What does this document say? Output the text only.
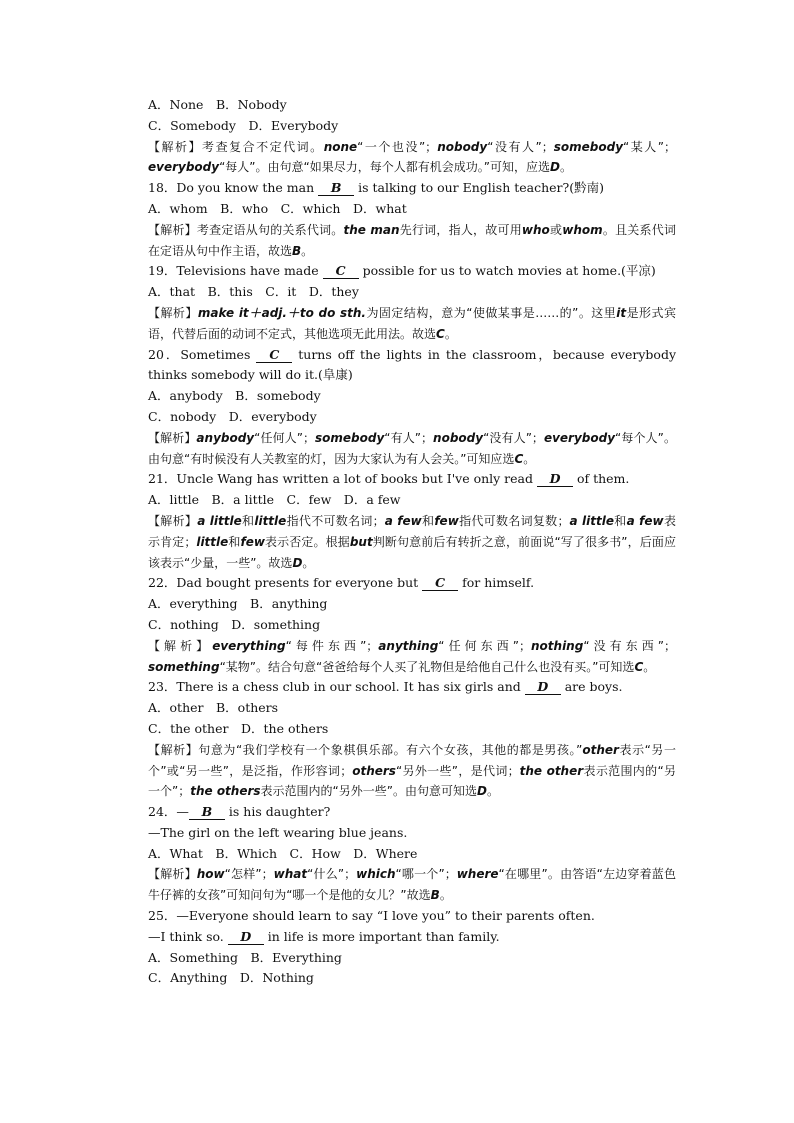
A．None　B．Nobody
C．Somebody　D．Everybody
【解析】考查复合不定代词。none“一个也没”；nobody“没有人”；somebody“某人”；everybody“每人”。由句意“如果尽力，每个人都有机会成功。”可知，应选D。
18．Do you know the man B is talking to our English teacher?(黔南)
A．whom　B．who　C．which　D．what
【解析】考查定语从句的关系代词。the man先行词，指人，故可用who或whom。且关系代词在定语从句中作主语，故选B。
19．Televisions have made C possible for us to watch movies at home.(平凉)
A．that　B．this　C．it　D．they
【解析】make it＋adj.＋to do sth.为固定结构，意为“使做某事是……的”。这里it是形式宾语，代替后面的动词不定式，其他选项无此用法。故选C。
20．Sometimes C turns off the lights in the classroom，because everybody thinks somebody will do it.(阜康)
A．anybody　B．somebody
C．nobody　D．everybody
【解析】anybody“任何人”；somebody“有人”；nobody“没有人”；everybody“每个人”。由句意“有时候没有人关教室的灯，因为大家认为有人会关。”可知应选C。
21．Uncle Wang has written a lot of books but I've only read D of them.
A．little　B．a little　C．few　D．a few
【解析】a little和little指代不可数名词；a few和few指代可数名词复数；a little和a few表示肯定；little和few表示否定。根据but判断句意前后有转折之意，前面说“写了很多书”，后面应该表示“少量，一些”。故选D。
22．Dad bought presents for everyone but C for himself.
A．everything　B．anything
C．nothing　D．something
【解析】everything“每件东西”；anything“任何东西”；nothing“没有东西”；something“某物”。结合句意“爸爸给每个人买了礼物但是给他自己什么也没有买。”可知选C。
23．There is a chess club in our school. It has six girls and D are boys.
A．other　B．others
C．the other　D．the others
【解析】句意为“我们学校有一个象棋俱乐部。有六个女孩，其他的都是男孩。”other表示“另一个”或“另一些”，是泛指，作形容词；others“另外一些”，是代词；the other表示范围内的“另一个”；the others表示范围内的“另外一些”。由句意可知选D。
24．— B is his daughter?
—The girl on the left wearing blue jeans.
A．What　B．Which　C．How　D．Where
【解析】how“怎样”；what“什么”；which“哪一个”；where“在哪里”。由答语“左边穿着蓝色牛仔裤的女孩”可知问句为“哪一个是他的女儿？”故选B。
25．—Everyone should learn to say “I love you” to their parents often.
—I think so. D in life is more important than family.
A．Something　B．Everything
C．Anything　D．Nothing
